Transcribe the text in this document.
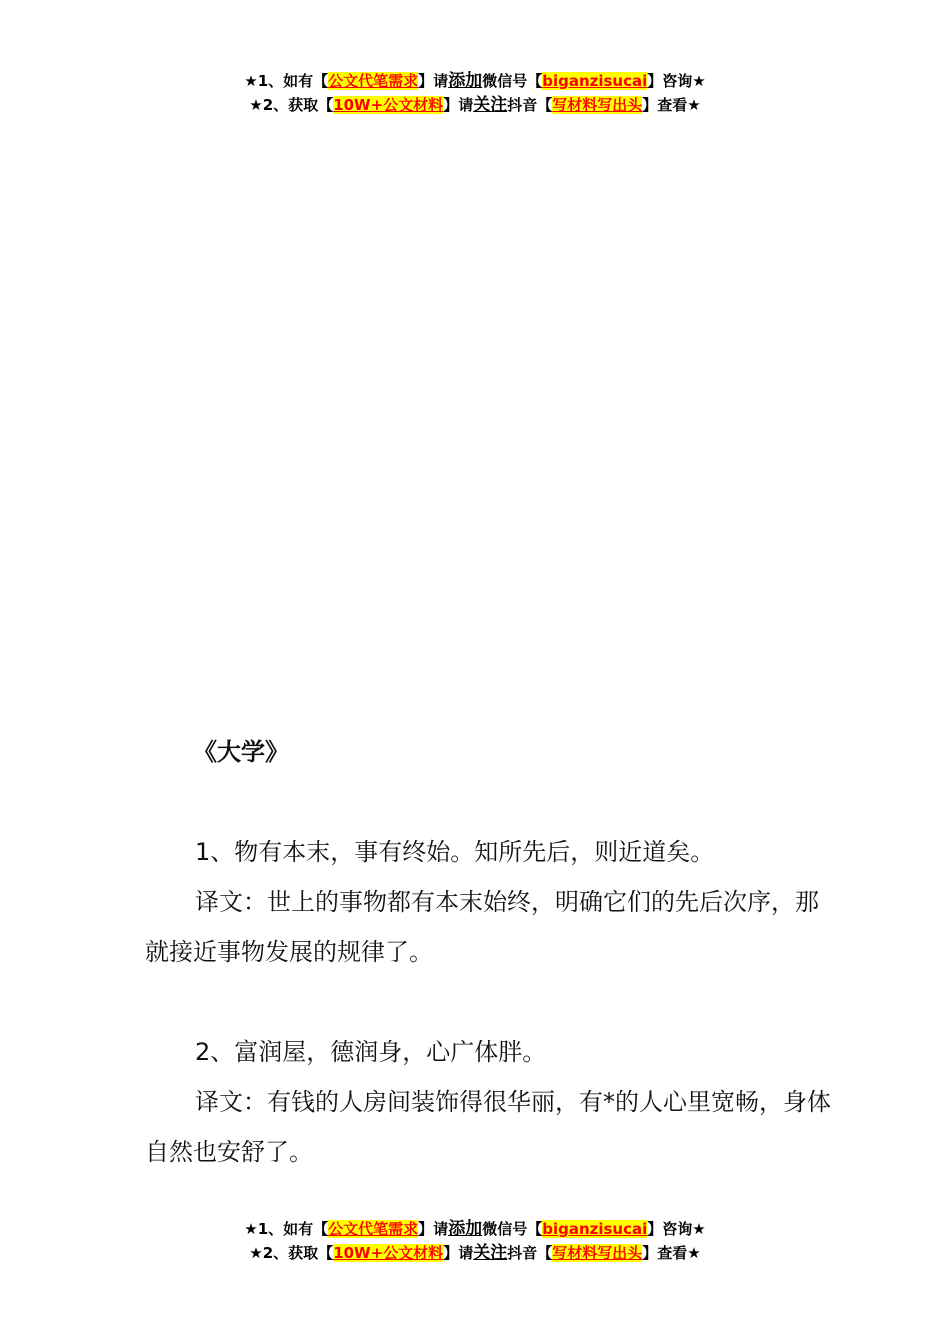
★1、如有【公文代笔需求】请添加微信号【biganzisucai】咨询★
★2、获取【10W+公文材料】请关注抖音【写材料写出头】查看★

《大学》

1、物有本末，事有终始。知所先后，则近道矣。

译文：世上的事物都有本末始终，明确它们的先后次序，那就接近事物发展的规律了。

2、富润屋，德润身，心广体胖。

译文：有钱的人房间装饰得很华丽，有*的人心里宽畅，身体自然也安舒了。

★1、如有【公文代笔需求】请添加微信号【biganzisucai】咨询★
★2、获取【10W+公文材料】请关注抖音【写材料写出头】查看★
